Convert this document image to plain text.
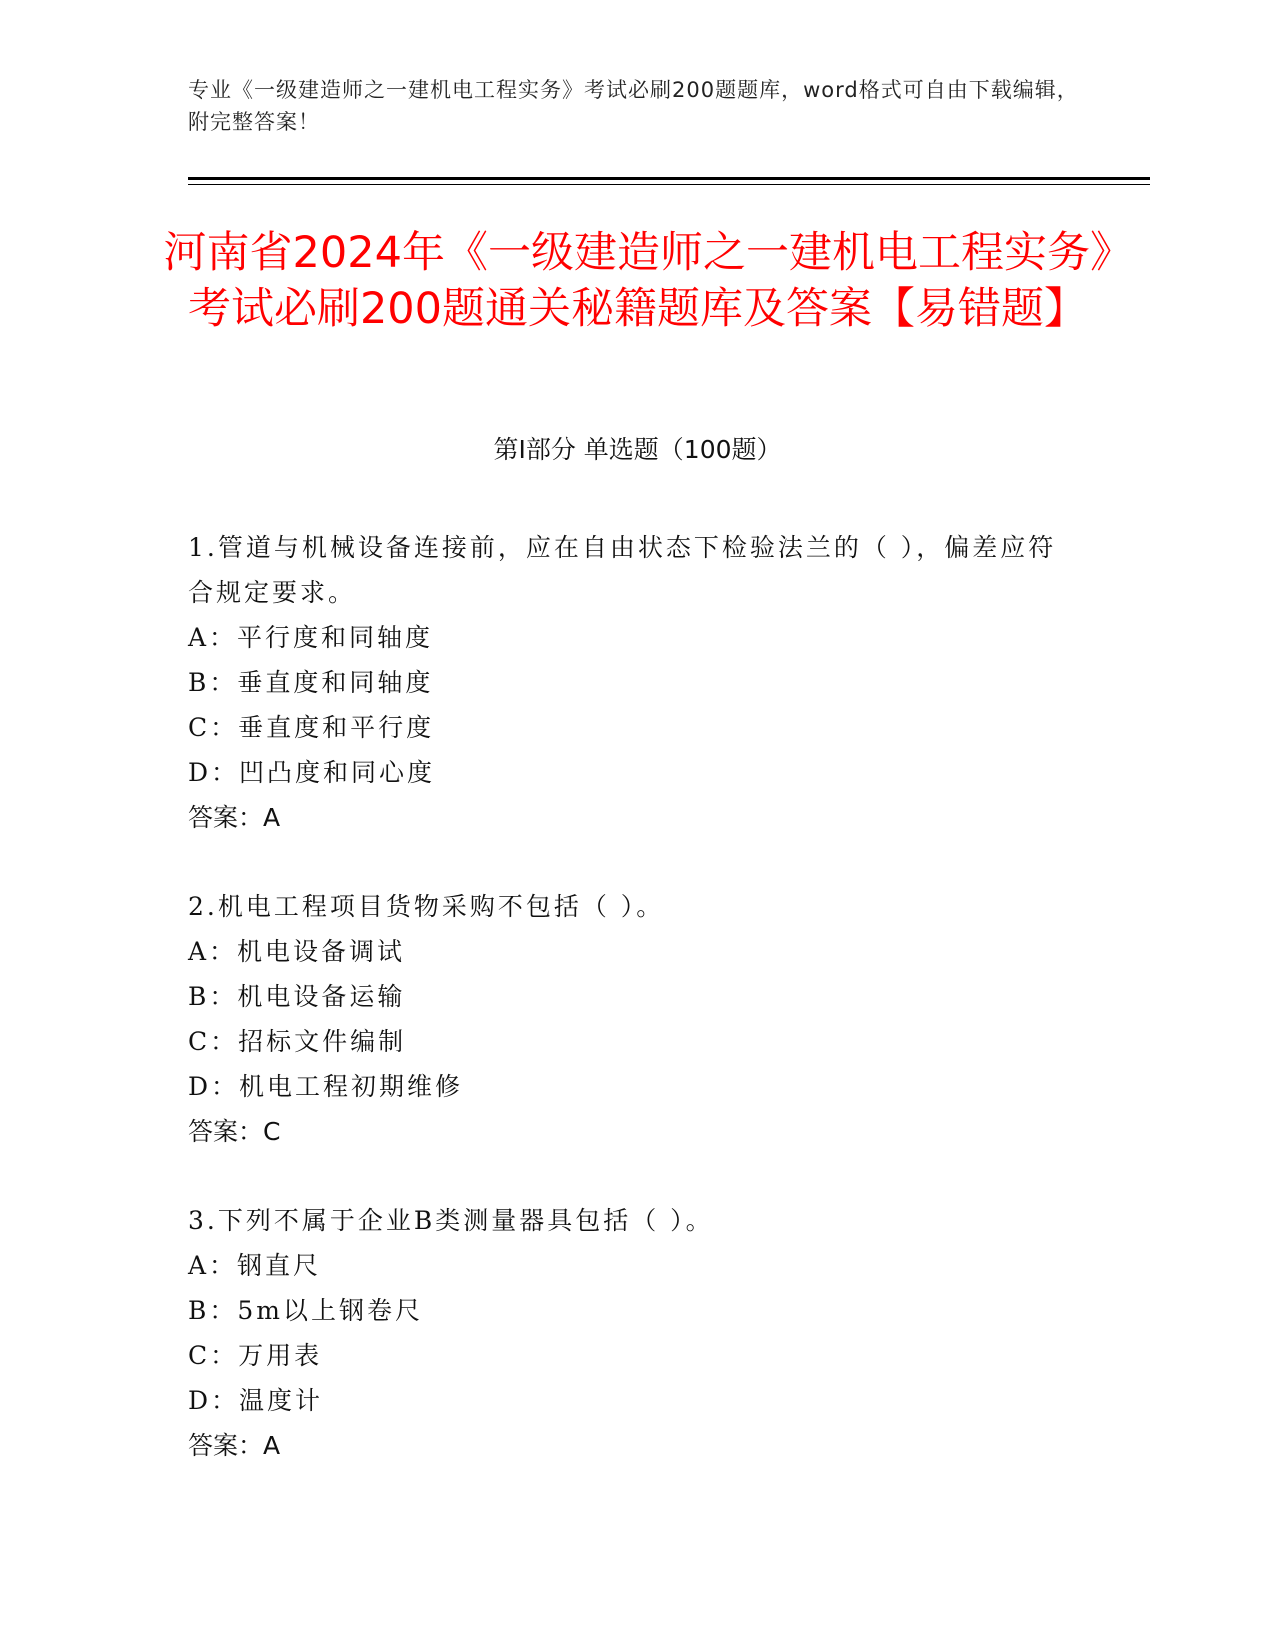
专业《一级建造师之一建机电工程实务》考试必刷200题题库，word格式可自由下载编辑，附完整答案！
河南省2024年《一级建造师之一建机电工程实务》考试必刷200题通关秘籍题库及答案【易错题】
第I部分 单选题（100题）
1.管道与机械设备连接前，应在自由状态下检验法兰的（ ），偏差应符合规定要求。
A：平行度和同轴度
B：垂直度和同轴度
C：垂直度和平行度
D：凹凸度和同心度
答案：A
2.机电工程项目货物采购不包括（ ）。
A：机电设备调试
B：机电设备运输
C：招标文件编制
D：机电工程初期维修
答案：C
3.下列不属于企业B类测量器具包括（ ）。
A：钢直尺
B：5m以上钢卷尺
C：万用表
D：温度计
答案：A
